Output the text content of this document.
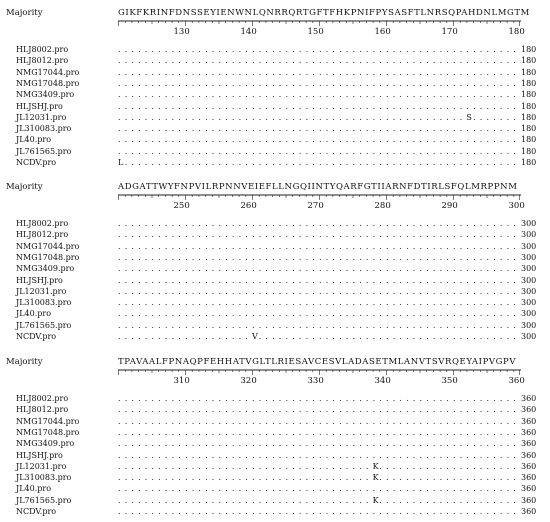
Majority	GIKFKRINFDNSSEYIENWNLQNRRQRTGFTFHKPNIFPYSASFTLNRSQPAHDNLMGTM
130	140	150	160	170	180
HLJ8002.pro	. . . . . . . . . . . . . . . . . . . . . . . . . . . . . . . . . . . . . . . . . . . . . . . . . . . . . . . . . . . . 180
HLJ8012.pro	. . . . . . . . . . . . . . . . . . . . . . . . . . . . . . . . . . . . . . . . . . . . . . . . . . . . . . . . . . . . 180
NMG17044.pro	. . . . . . . . . . . . . . . . . . . . . . . . . . . . . . . . . . . . . . . . . . . . . . . . . . . . . . . . . . . . 180
NMG17048.pro	. . . . . . . . . . . . . . . . . . . . . . . . . . . . . . . . . . . . . . . . . . . . . . . . . . . . . . . . . . . . 180
NMG3409.pro	. . . . . . . . . . . . . . . . . . . . . . . . . . . . . . . . . . . . . . . . . . . . . . . . . . . . . . . . . . . . 180
HLJSHJ.pro	. . . . . . . . . . . . . . . . . . . . . . . . . . . . . . . . . . . . . . . . . . . . . . . . . . . . . . . . . . . . 180
JL12031.pro	. . . . . . . . . . . . . . . . . . . . . . . . . . . . . . . . . . . . . . . . . . . . . . . . . . . . S . . . . . . . 180
JL310083.pro	. . . . . . . . . . . . . . . . . . . . . . . . . . . . . . . . . . . . . . . . . . . . . . . . . . . . . . . . . . . . 180
JL40.pro	. . . . . . . . . . . . . . . . . . . . . . . . . . . . . . . . . . . . . . . . . . . . . . . . . . . . . . . . . . . . 180
JL761565.pro	. . . . . . . . . . . . . . . . . . . . . . . . . . . . . . . . . . . . . . . . . . . . . . . . . . . . . . . . . . . . 180
NCDV.pro	L . . . . . . . . . . . . . . . . . . . . . . . . . . . . . . . . . . . . . . . . . . . . . . . . . . . . . . . . . . . 180
Majority	ADGATTWYFNPVILRPNNVEIEFLLNGQIINTYQARFGTIIARNFDTIRLSFQLMRPPNM
250	260	270	280	290	300
HLJ8002.pro	. . . . . . . . . . . . . . . . . . . . . . . . . . . . . . . . . . . . . . . . . . . . . . . . . . . . . . . . . . . . 300
HLJ8012.pro	. . . . . . . . . . . . . . . . . . . . . . . . . . . . . . . . . . . . . . . . . . . . . . . . . . . . . . . . . . . . 300
NMG17044.pro	. . . . . . . . . . . . . . . . . . . . . . . . . . . . . . . . . . . . . . . . . . . . . . . . . . . . . . . . . . . . 300
NMG17048.pro	. . . . . . . . . . . . . . . . . . . . . . . . . . . . . . . . . . . . . . . . . . . . . . . . . . . . . . . . . . . . 300
NMG3409.pro	. . . . . . . . . . . . . . . . . . . . . . . . . . . . . . . . . . . . . . . . . . . . . . . . . . . . . . . . . . . . 300
HLJSHJ.pro	. . . . . . . . . . . . . . . . . . . . . . . . . . . . . . . . . . . . . . . . . . . . . . . . . . . . . . . . . . . . 300
JL12031.pro	. . . . . . . . . . . . . . . . . . . . . . . . . . . . . . . . . . . . . . . . . . . . . . . . . . . . . . . . . . . . 300
JL310083.pro	. . . . . . . . . . . . . . . . . . . . . . . . . . . . . . . . . . . . . . . . . . . . . . . . . . . . . . . . . . . . 300
JL40.pro	. . . . . . . . . . . . . . . . . . . . . . . . . . . . . . . . . . . . . . . . . . . . . . . . . . . . . . . . . . . . 300
JL761565.pro	. . . . . . . . . . . . . . . . . . . . . . . . . . . . . . . . . . . . . . . . . . . . . . . . . . . . . . . . . . . . 300
NCDV.pro	. . . . . . . . . . . . . . . . . . . . V . . . . . . . . . . . . . . . . . . . . . . . . . . . . . . . . . . . . . . . 300
Majority	TPAVAALFPNAQPFEHHATVGLTLRIESAVCESVLADASETMLANVTSVRQEYAIPVGPV
310	320	330	340	350	360
HLJ8002.pro	. . . . . . . . . . . . . . . . . . . . . . . . . . . . . . . . . . . . . . . . . . . . . . . . . . . . . . . . . . . . 360
HLJ8012.pro	. . . . . . . . . . . . . . . . . . . . . . . . . . . . . . . . . . . . . . . . . . . . . . . . . . . . . . . . . . . . 360
NMG17044.pro	. . . . . . . . . . . . . . . . . . . . . . . . . . . . . . . . . . . . . . . . . . . . . . . . . . . . . . . . . . . . 360
NMG17048.pro	. . . . . . . . . . . . . . . . . . . . . . . . . . . . . . . . . . . . . . . . . . . . . . . . . . . . . . . . . . . . 360
NMG3409.pro	. . . . . . . . . . . . . . . . . . . . . . . . . . . . . . . . . . . . . . . . . . . . . . . . . . . . . . . . . . . . 360
HLJSHJ.pro	. . . . . . . . . . . . . . . . . . . . . . . . . . . . . . . . . . . . . . . . . . . . . . . . . . . . . . . . . . . . 360
JL12031.pro	. . . . . . . . . . . . . . . . . . . . . . . . . . . . . . . . . . . . . . K . . . . . . . . . . . . . . . . . . . . . 360
JL310083.pro	. . . . . . . . . . . . . . . . . . . . . . . . . . . . . . . . . . . . . . K . . . . . . . . . . . . . . . . . . . . . 360
JL40.pro	. . . . . . . . . . . . . . . . . . . . . . . . . . . . . . . . . . . . . . . . . . . . . . . . . . . . . . . . . . . . 360
JL761565.pro	. . . . . . . . . . . . . . . . . . . . . . . . . . . . . . . . . . . . . . K . . . . . . . . . . . . . . . . . . . . . 360
NCDV.pro	. . . . . . . . . . . . . . . . . . . . . . . . . . . . . . . . . . . . . . . . . . . . . . . . . . . . . . . . . . . . 360
